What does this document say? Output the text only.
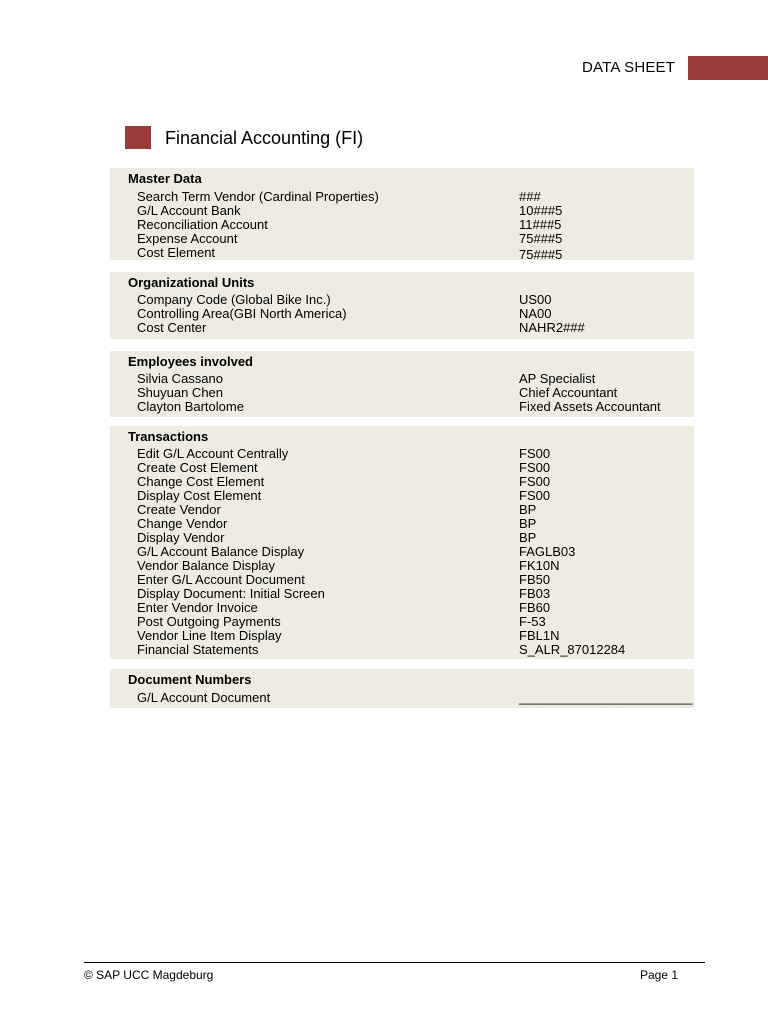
DATA SHEET
Financial Accounting (FI)
Master Data
Search Term Vendor (Cardinal Properties)	###
G/L Account Bank	10###5
Reconciliation Account	11###5
Expense Account	75###5
Cost Element	75###5
Organizational Units
Company Code (Global Bike Inc.)	US00
Controlling Area(GBI North America)	NA00
Cost Center	NAHR2###
Employees involved
Silvia Cassano	AP Specialist
Shuyuan Chen	Chief Accountant
Clayton Bartolome	Fixed Assets Accountant
Transactions
Edit G/L Account Centrally	FS00
Create Cost Element	FS00
Change Cost Element	FS00
Display Cost Element	FS00
Create Vendor	BP
Change Vendor	BP
Display Vendor	BP
G/L Account Balance Display	FAGLB03
Vendor Balance Display	FK10N
Enter G/L Account Document	FB50
Display Document: Initial Screen	FB03
Enter Vendor Invoice	FB60
Post Outgoing Payments	F-53
Vendor Line Item Display	FBL1N
Financial Statements	S_ALR_87012284
Document Numbers
G/L Account Document	________________________
© SAP UCC Magdeburg	Page 1
